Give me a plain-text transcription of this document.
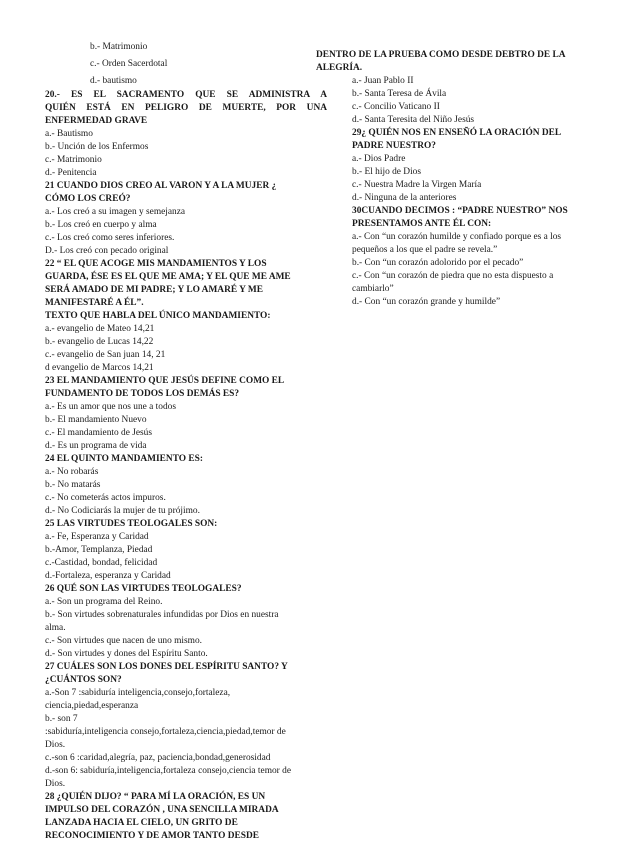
b.- Matrimonio
c.- Orden Sacerdotal
d.- bautismo
20.- ES EL SACRAMENTO QUE SE ADMINISTRA A
QUIÉN ESTÁ EN PELIGRO DE MUERTE, POR UNA
ENFERMEDAD GRAVE
a.- Bautismo
b.- Unción de los Enfermos
c.- Matrimonio
d.- Penitencia
21 CUANDO DIOS CREO AL VARON Y A LA MUJER ¿
CÓMO LOS CREÓ?
a.- Los creó a su imagen y semejanza
b.- Los creó en cuerpo y alma
c.- Los creó como seres inferiores.
D.- Los creó con pecado original
22 “ EL QUE ACOGE MIS MANDAMIENTOS Y LOS
GUARDA, ÉSE ES EL QUE ME AMA; Y EL QUE ME AME
SERÁ AMADO DE MI PADRE; Y LO AMARÉ Y ME
MANIFESTARÉ A ÉL”.
TEXTO QUE HABLA DEL ÚNICO MANDAMIENTO:
a.- evangelio de Mateo 14,21
b.- evangelio de Lucas 14,22
c.- evangelio de San juan 14, 21
d evangelio de Marcos 14,21
23 EL MANDAMIENTO QUE JESÚS DEFINE COMO EL
FUNDAMENTO DE TODOS LOS DEMÁS ES?
a.- Es un amor que nos une a todos
b.- El mandamiento Nuevo
c.- El mandamiento de Jesús
d.- Es un programa de vida
24 EL QUINTO MANDAMIENTO ES:
a.- No robarás
b.- No matarás
c.- No cometerás actos impuros.
d.- No Codiciarás la mujer de tu prójimo.
25 LAS VIRTUDES TEOLOGALES SON:
a.- Fe, Esperanza y Caridad
b.-Amor, Templanza, Piedad
c.-Castidad, bondad, felicidad
d.-Fortaleza, esperanza y Caridad
26 QUÉ SON LAS VIRTUDES TEOLOGALES?
a.- Son un programa del Reino.
b.- Son virtudes sobrenaturales infundidas por Dios en nuestra
alma.
c.- Son virtudes que nacen de uno mismo.
d.- Son virtudes y dones del Espíritu Santo.
27 CUÁLES SON LOS DONES DEL ESPÍRITU SANTO? Y
¿CUÁNTOS SON?
a.-Son 7 :sabiduría inteligencia,consejo,fortaleza,
ciencia,piedad,esperanza
b.- son 7
:sabiduría,inteligencia consejo,fortaleza,ciencia,piedad,temor de
Dios.
c.-son 6 :caridad,alegría, paz, paciencia,bondad,generosidad
d.-son 6: sabiduría,inteligencia,fortaleza consejo,ciencia temor de
Dios.
28 ¿QUIÉN DIJO? “ PARA MÍ LA ORACIÓN, ES UN
IMPULSO DEL CORAZÓN , UNA SENCILLA MIRADA
LANZADA HACIA EL CIELO, UN GRITO DE
RECONOCIMIENTO Y DE AMOR TANTO DESDE
DENTRO DE LA PRUEBA COMO DESDE DEBTRO DE LA
ALEGRÍA.
a.- Juan Pablo II
b.- Santa Teresa de Ávila
c.- Concilio Vaticano II
d.- Santa Teresita del Niño Jesús
29¿ QUIÉN NOS EN ENSEÑÓ LA ORACIÓN DEL
PADRE NUESTRO?
a.- Dios Padre
b.- El hijo de Dios
c.- Nuestra Madre la Virgen María
d.- Ninguna de la anteriores
30CUANDO DECIMOS : “PADRE NUESTRO” NOS
PRESENTAMOS ANTE ÉL CON:
a.- Con “un corazón humilde y confiado porque es a los
pequeños a los que el padre se revela.”
b.- Con “un corazón adolorido por el pecado”
c.- Con “un corazón de piedra que no esta dispuesto a
cambiarlo”
d.- Con “un corazón grande y humilde”
